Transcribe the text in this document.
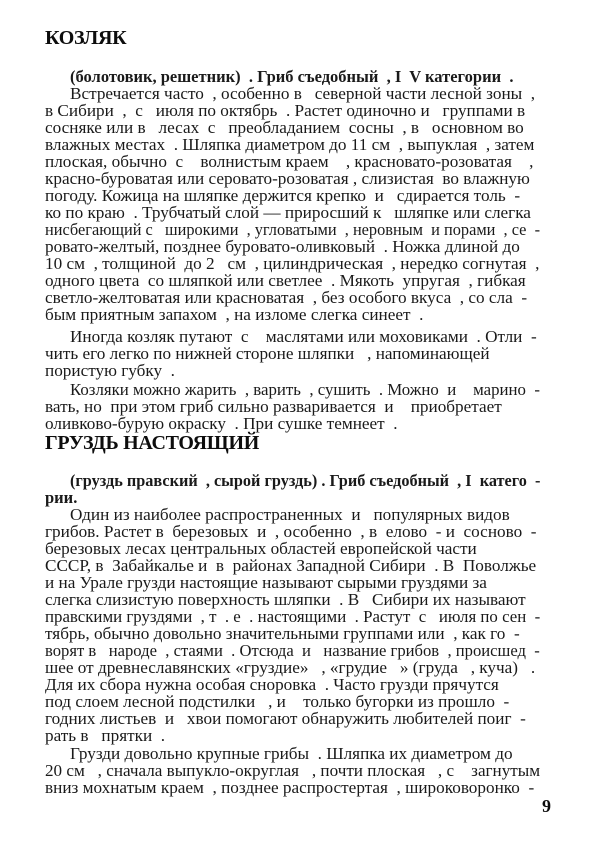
КОЗЛЯК
(болотовик, решетник)  . Гриб съедобный  , I  V категории  .
Встречается часто  , особенно в   северной части лесной зоны  ,
в Сибири  ,  с   июля по октябрь  . Растет одиночно и   группами в
сосняке или в   лесах  с   преобладанием  сосны  , в   основном во
влажных местах  . Шляпка диаметром до 11 см  , выпуклая  , затем
плоская, обычно  с    волнистым краем    , красновато-розоватая    ,
красно-буроватая или серовато-розоватая , слизистая  во влажную
погоду. Кожица на шляпке держится крепко  и   сдирается толь  -
ко по краю  . Трубчатый слой — приросший к   шляпке или слегка
нисбегающий с   широкими  , угловатыми  , неровным  и порами  , се  -
ровато-желтый, позднее буровато-оливковый  . Ножка длиной до
10 см  , толщиной  до 2   см  , цилиндрическая  , нередко согнутая  ,
одного цвета  со шляпкой или светлее  . Мякоть  упругая  , гибкая
светло-желтоватая или красноватая  , без особого вкуса  , со сла  -
бым приятным запахом  , на изломе слегка синеет  .
Иногда козляк путают  с    маслятами или моховиками  . Отли  -
чить его легко по нижней стороне шляпки   , напоминающей
пористую губку  .
Козляки можно жарить  , варить  , сушить  . Можно  и    марино  -
вать, но  при этом гриб сильно разваривается  и    приобретает
оливково-бурую окраску  . При сушке темнеет  .
ГРУЗДЬ НАСТОЯЩИЙ
(груздь правский  , сырой груздь) . Гриб съедобный  , I  катего  -
рии.
Один из наиболее распространенных  и   популярных видов
грибов. Растет в  березовых  и  , особенно  , в  елово  - и  сосново  -
березовых лесах центральных областей европейской части
СССР, в  Забайкалье и  в  районах Западной Сибири  . В  Поволжье
и на Урале грузди настоящие называют сырыми груздями за
слегка слизистую поверхность шляпки  . В   Сибири их называют
правскими груздями  , т  . е  . настоящими  . Растут  с   июля по сен  -
тябрь, обычно довольно значительными группами или  , как го  -
ворят в   народе  , стаями  . Отсюда  и   название грибов  , происшед  -
шее от древнеславянских «груздие»   , «грудие   » (груда   , куча)   .
Для их сбора нужна особая сноровка  . Часто грузди прячутся
под слоем лесной подстилки   , и    только бугорки из прошло  -
годних листьев  и   хвои помогают обнаружить любителей поиг  -
рать в   прятки  .
Грузди довольно крупные грибы  . Шляпка их диаметром до
20 см   , сначала выпукло-округлая   , почти плоская   , с    загнутым
вниз мохнатым краем  , позднее распростертая  , широковоронко  -
9
